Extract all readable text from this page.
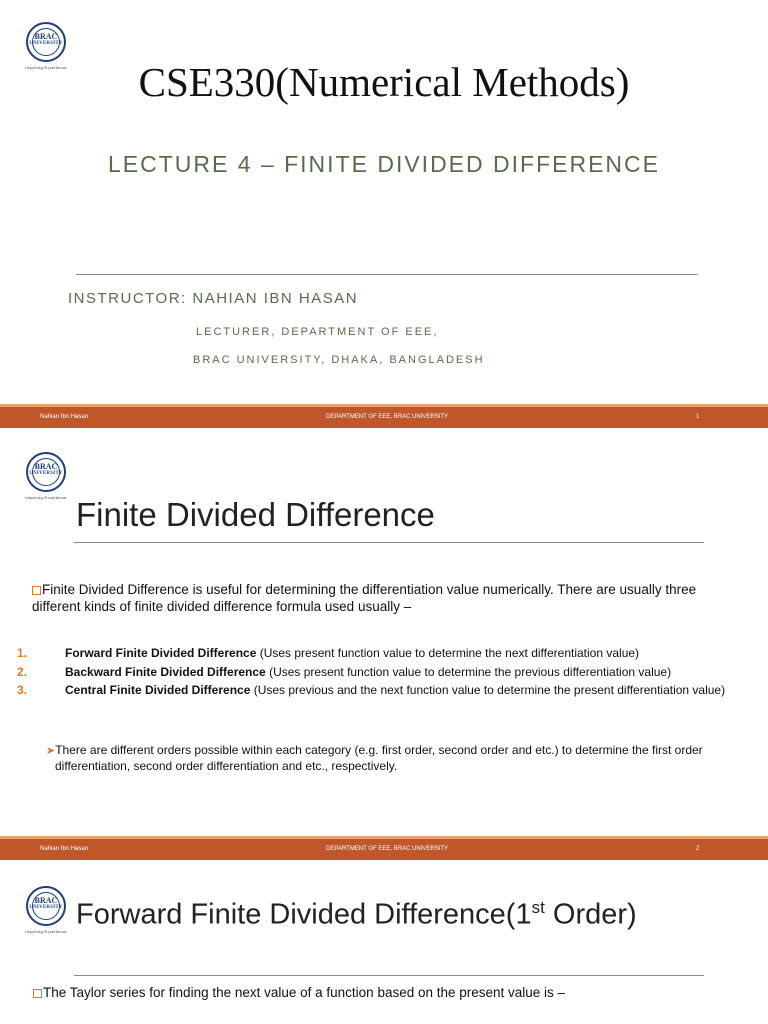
BRAC
UNIVERSITY
Inspiring Excellence	CSE330(Numerical Methods)
LECTURE 4 – FINITE DIVIDED DIFFERENCE
INSTRUCTOR: NAHIAN IBN HASAN
LECTURER, DEPARTMENT OF EEE,
BRAC UNIVERSITY, DHAKA, BANGLADESH
Nahian Ibn Hasan	DEPARTMENT OF EEE, BRAC UNIVERSITY	1
BRAC
UNIVERSITY
Inspiring Excellence Finite Divided Difference
Finite Divided Difference is useful for determining the differentiation value numerically. There are usually three different kinds of finite divided difference formula used usually –
1.	Forward Finite Divided Difference (Uses present function value to determine the next differentiation value)
2.	Backward Finite Divided Difference (Uses present function value to determine the previous differentiation value)
3.	Central Finite Divided Difference (Uses previous and the next function value to determine the present differentiation value)
➤There are different orders possible within each category (e.g. first order, second order and etc.) to determine the first order differentiation, second order differentiation and etc., respectively.
Nahian Ibn Hasan	DEPARTMENT OF EEE, BRAC UNIVERSITY	2
BRAC
UNIVERSITY
Inspiring Excellence
Forward Finite Divided Difference(1st Order)
The Taylor series for finding the next value of a function based on the present value is –
